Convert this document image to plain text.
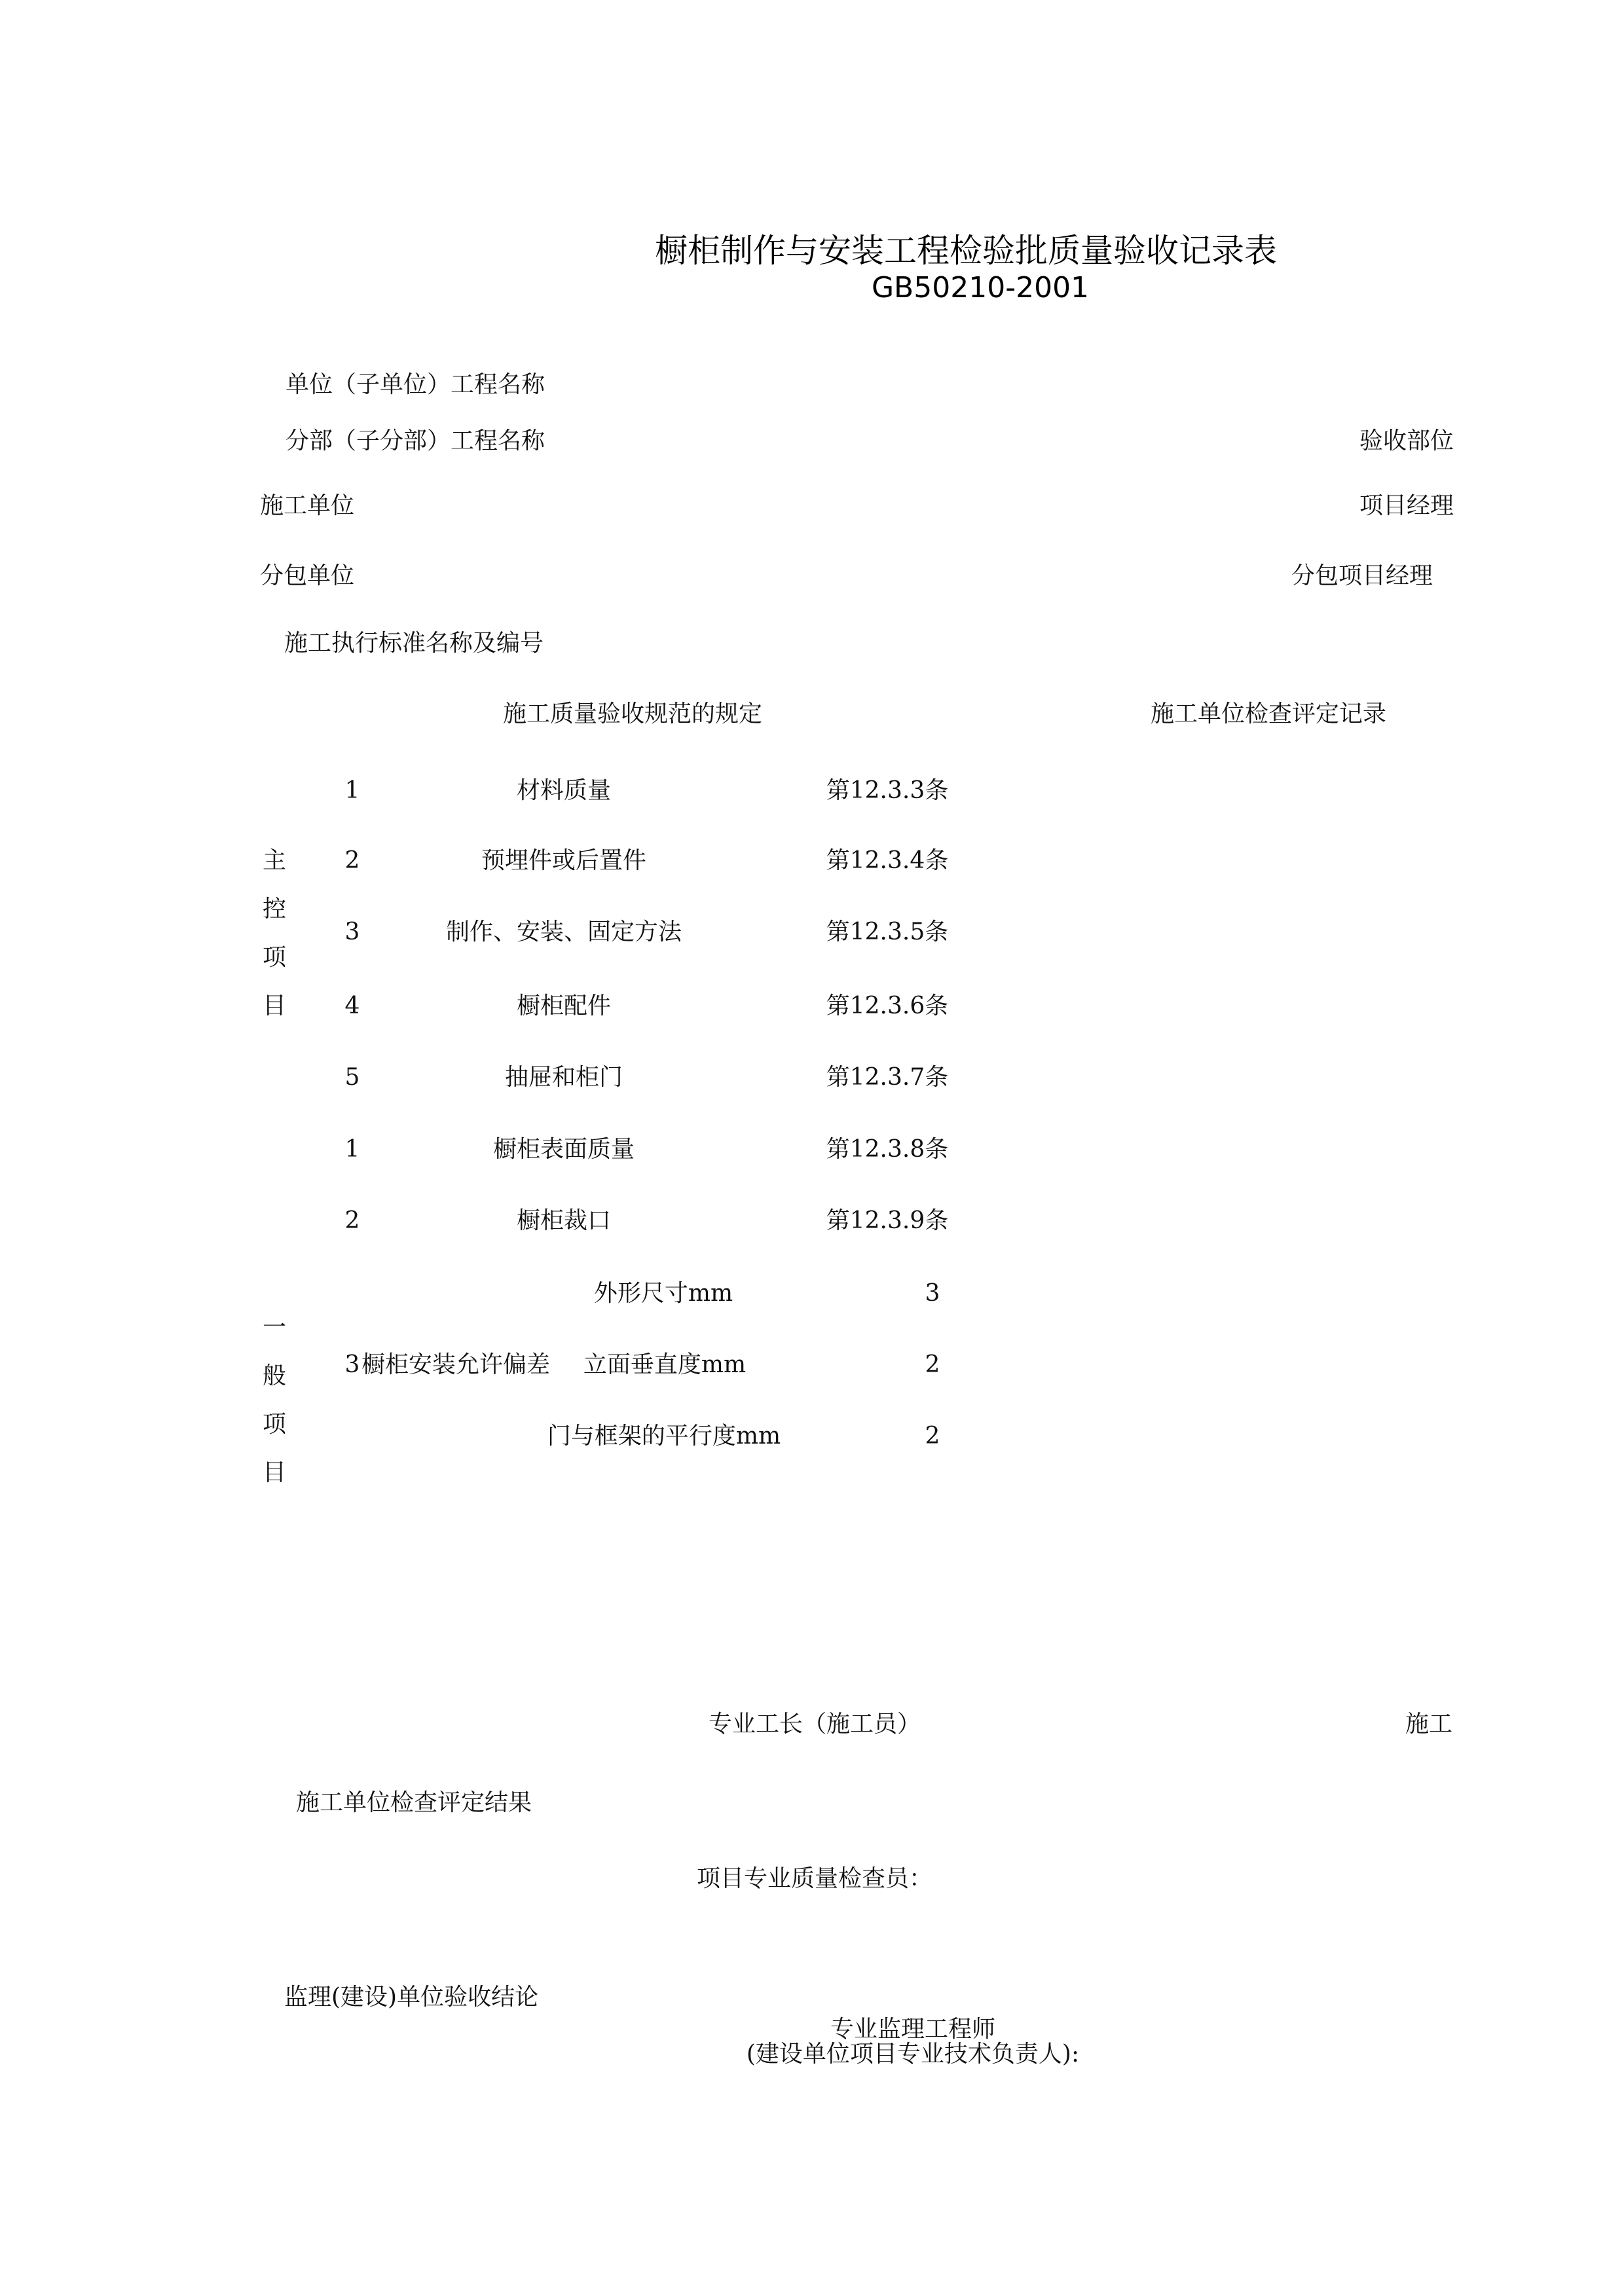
橱柜制作与安装工程检验批质量验收记录表
GB50210-2001
单位（子单位）工程名称
分部（子分部）工程名称	验收部位
施工单位	项目经理
分包单位	分包项目经理
施工执行标准名称及编号
施工质量验收规范的规定	施工单位检查评定记录
主
控
项
目
1	材料质量	第12.3.3条
2	预埋件或后置件	第12.3.4条
3	制作、安装、固定方法	第12.3.5条
4	橱柜配件	第12.3.6条
5	抽屉和柜门	第12.3.7条
1	橱柜表面质量	第12.3.8条
2	橱柜裁口	第12.3.9条
外形尺寸mm	3
3 橱柜安装允许偏差 立面垂直度mm	2
门与框架的平行度mm	2
一
般
项
目
专业工长（施工员）	施工
施工单位检查评定结果
项目专业质量检查员：
监理(建设)单位验收结论
专业监理工程师
(建设单位项目专业技术负责人):
